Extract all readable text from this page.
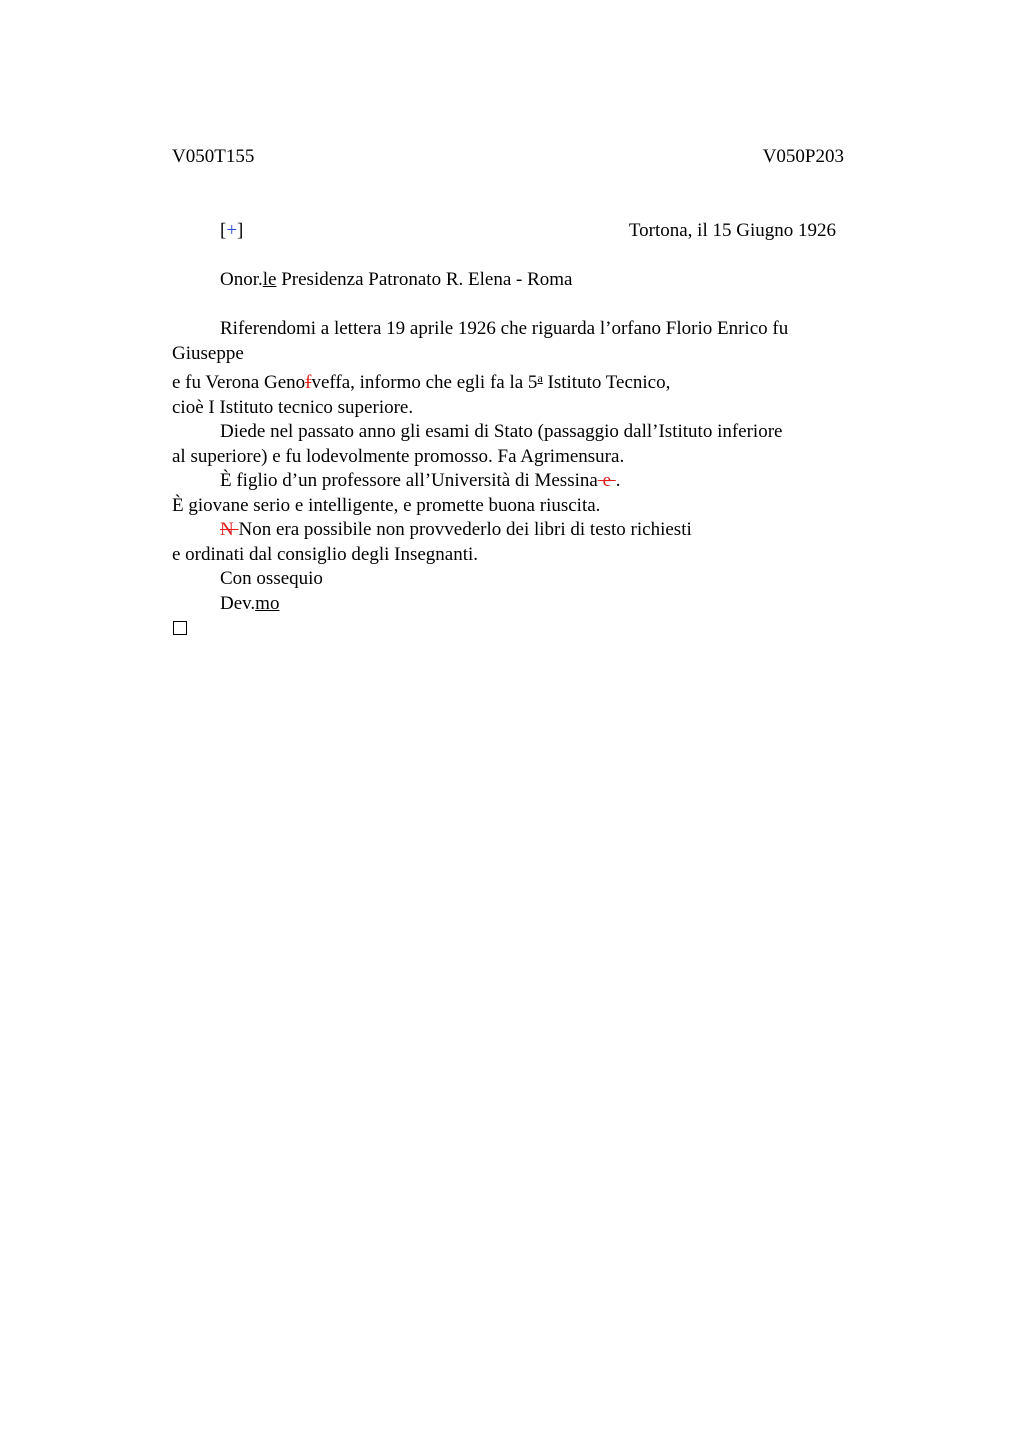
V050T155	V050P203
[+]	Tortona, il 15 Giugno 1926
Onor.le Presidenza Patronato R. Elena - Roma
Riferendomi a lettera 19 aprile 1926 che riguarda l’orfano Florio Enrico fu
Giuseppe
e fu Verona Genofveffa, informo che egli fa la 5$^a$ Istituto Tecnico,
cioè I Istituto tecnico superiore.
Diede nel passato anno gli esami di Stato (passaggio dall’Istituto inferiore
al superiore) e fu lodevolmente promosso. Fa Agrimensura.
È figlio d’un professore all’Università di Messina e .
È giovane serio e intelligente, e promette buona riuscita.
N Non era possibile non provvederlo dei libri di testo richiesti
e ordinati dal consiglio degli Insegnanti.
Con ossequio
Dev.mo
